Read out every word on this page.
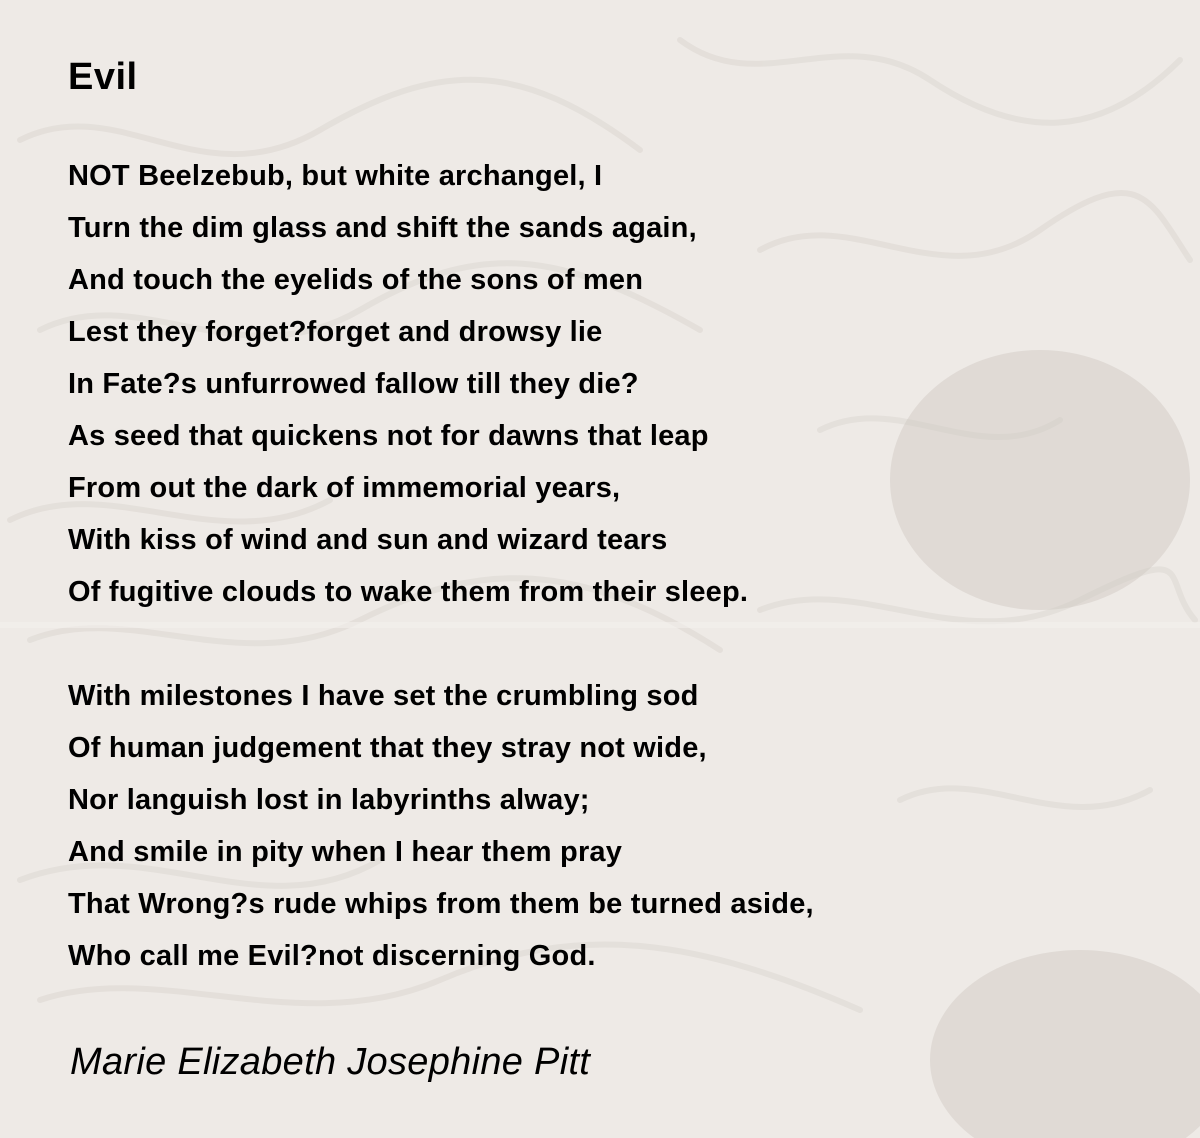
Evil
NOT Beelzebub, but white archangel, I
Turn the dim glass and shift the sands again,
And touch the eyelids of the sons of men
Lest they forget?forget and drowsy lie
In Fate?s unfurrowed fallow till they die?
As seed that quickens not for dawns that leap
From out the dark of immemorial years,
With kiss of wind and sun and wizard tears
Of fugitive clouds to wake them from their sleep.
With milestones I have set the crumbling sod
Of human judgement that they stray not wide,
Nor languish lost in labyrinths alway;
And smile in pity when I hear them pray
That Wrong?s rude whips from them be turned aside,
Who call me Evil?not discerning God.

Marie Elizabeth Josephine Pitt
